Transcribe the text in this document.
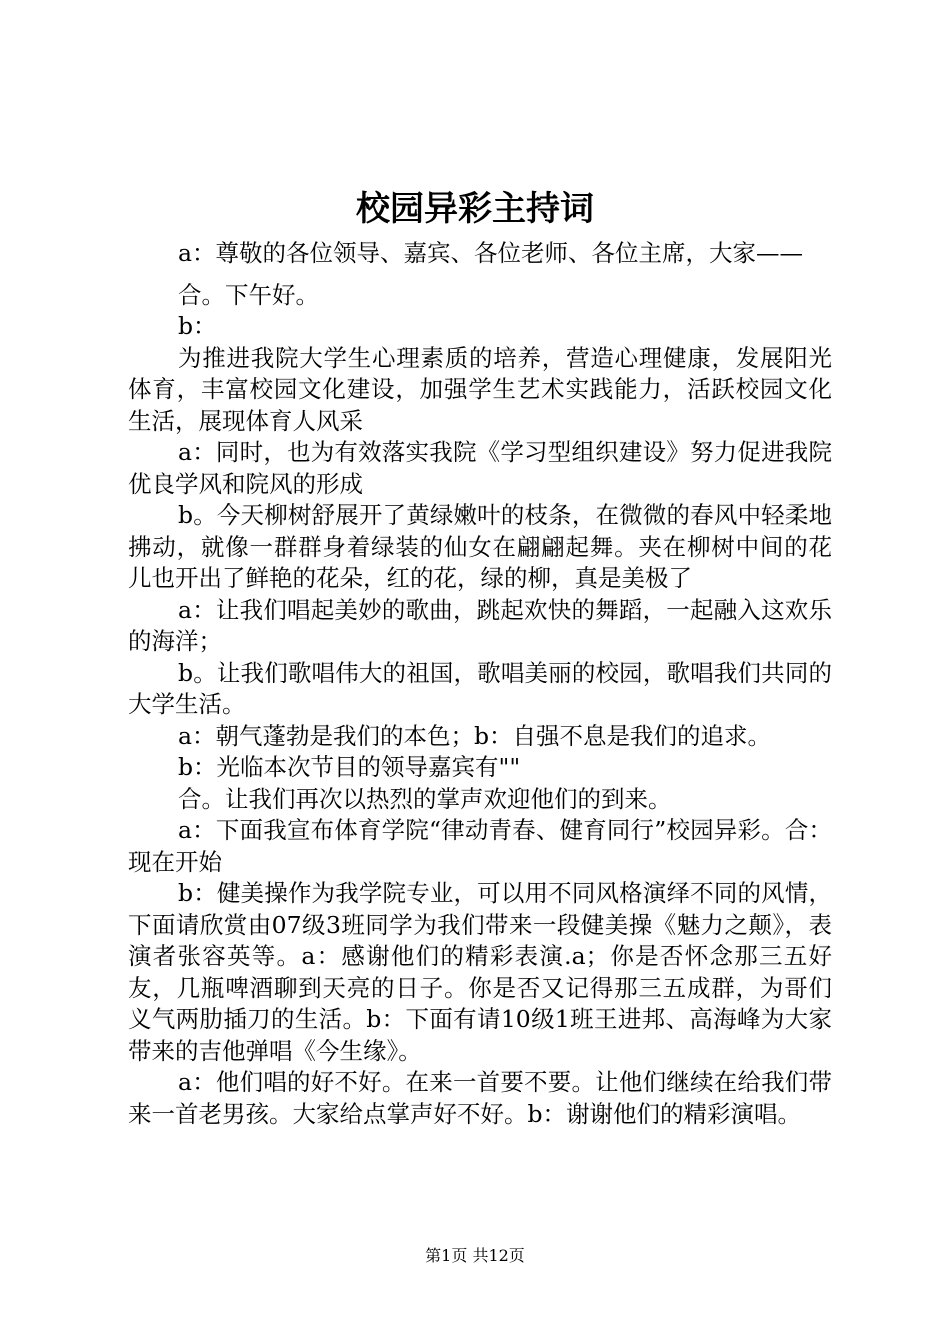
校园异彩主持词

a：尊敬的各位领导、嘉宾、各位老师、各位主席，大家——

合。下午好。

b：

为推进我院大学生心理素质的培养，营造心理健康，发展阳光体育，丰富校园文化建设，加强学生艺术实践能力，活跃校园文化生活，展现体育人风采

a：同时，也为有效落实我院《学习型组织建设》努力促进我院优良学风和院风的形成

b。今天柳树舒展开了黄绿嫩叶的枝条，在微微的春风中轻柔地拂动，就像一群群身着绿装的仙女在翩翩起舞。夹在柳树中间的花儿也开出了鲜艳的花朵，红的花，绿的柳，真是美极了

a：让我们唱起美妙的歌曲，跳起欢快的舞蹈，一起融入这欢乐的海洋；

b。让我们歌唱伟大的祖国，歌唱美丽的校园，歌唱我们共同的大学生活。

a：朝气蓬勃是我们的本色；b：自强不息是我们的追求。

b：光临本次节目的领导嘉宾有""

合。让我们再次以热烈的掌声欢迎他们的到来。

a：下面我宣布体育学院“律动青春、健育同行”校园异彩。合：现在开始

b：健美操作为我学院专业，可以用不同风格演绎不同的风情，下面请欣赏由07级3班同学为我们带来一段健美操《魅力之颠》，表演者张容英等。a：感谢他们的精彩表演.a；你是否怀念那三五好友，几瓶啤酒聊到天亮的日子。你是否又记得那三五成群，为哥们义气两肋插刀的生活。b：下面有请10级1班王进邦、高海峰为大家带来的吉他弹唱《今生缘》。

a：他们唱的好不好。在来一首要不要。让他们继续在给我们带来一首老男孩。大家给点掌声好不好。b：谢谢他们的精彩演唱。

第1页 共12页
